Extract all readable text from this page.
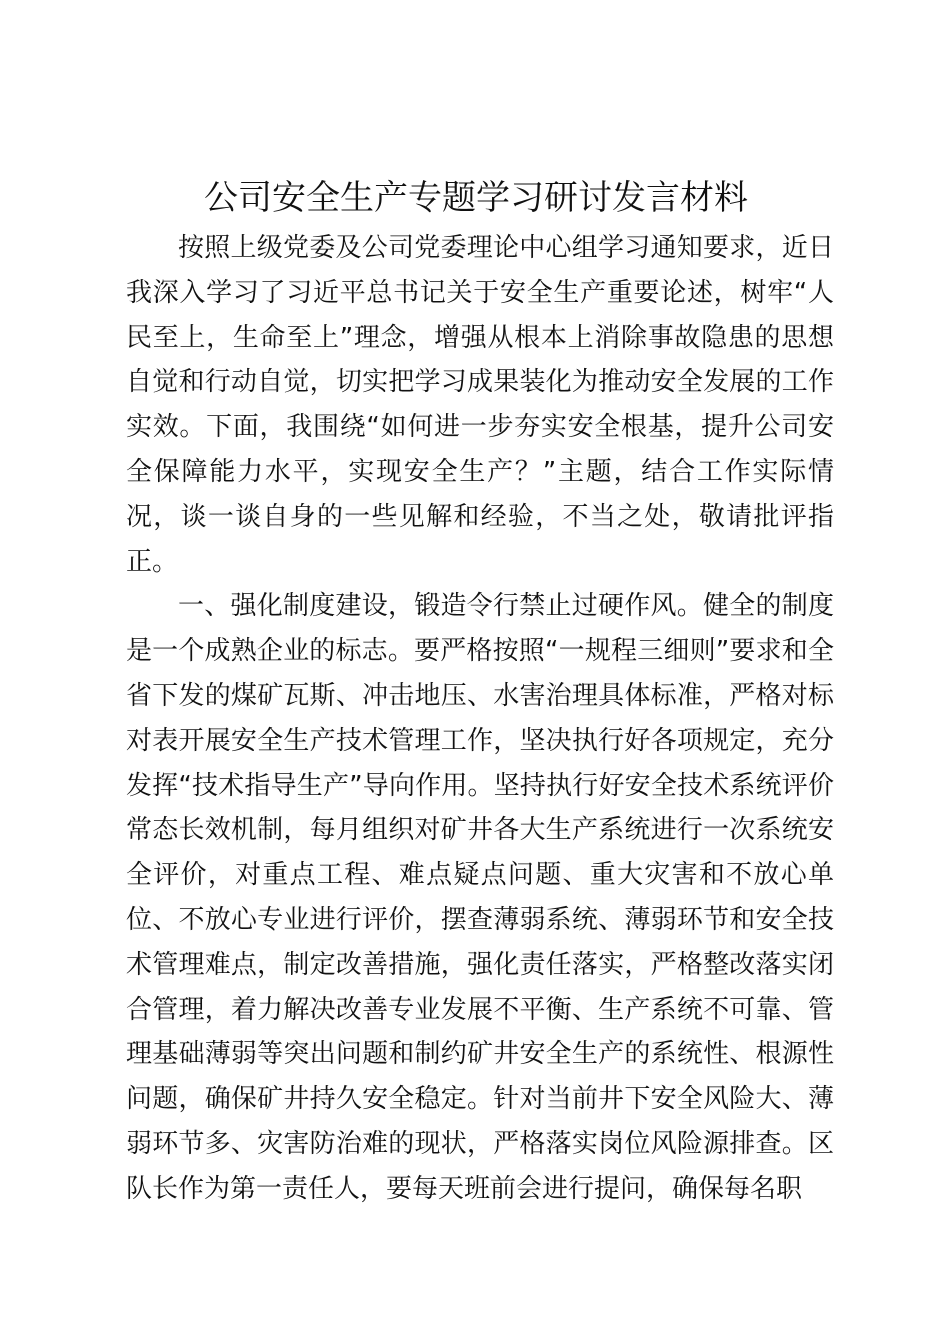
公司安全生产专题学习研讨发言材料

按照上级党委及公司党委理论中心组学习通知要求，近日我深入学习了习近平总书记关于安全生产重要论述，树牢“人民至上，生命至上”理念，增强从根本上消除事故隐患的思想自觉和行动自觉，切实把学习成果装化为推动安全发展的工作实效。下面，我围绕“如何进一步夯实安全根基，提升公司安全保障能力水平，实现安全生产？”主题，结合工作实际情况，谈一谈自身的一些见解和经验，不当之处，敬请批评指正。

一、强化制度建设，锻造令行禁止过硬作风。健全的制度是一个成熟企业的标志。要严格按照“一规程三细则”要求和全省下发的煤矿瓦斯、冲击地压、水害治理具体标准，严格对标对表开展安全生产技术管理工作，坚决执行好各项规定，充分发挥“技术指导生产”导向作用。坚持执行好安全技术系统评价常态长效机制，每月组织对矿井各大生产系统进行一次系统安全评价，对重点工程、难点疑点问题、重大灾害和不放心单位、不放心专业进行评价，摆查薄弱系统、薄弱环节和安全技术管理难点，制定改善措施，强化责任落实，严格整改落实闭合管理，着力解决改善专业发展不平衡、生产系统不可靠、管理基础薄弱等突出问题和制约矿井安全生产的系统性、根源性问题，确保矿井持久安全稳定。针对当前井下安全风险大、薄弱环节多、灾害防治难的现状，严格落实岗位风险源排查。区队长作为第一责任人，要每天班前会进行提问，确保每名职
